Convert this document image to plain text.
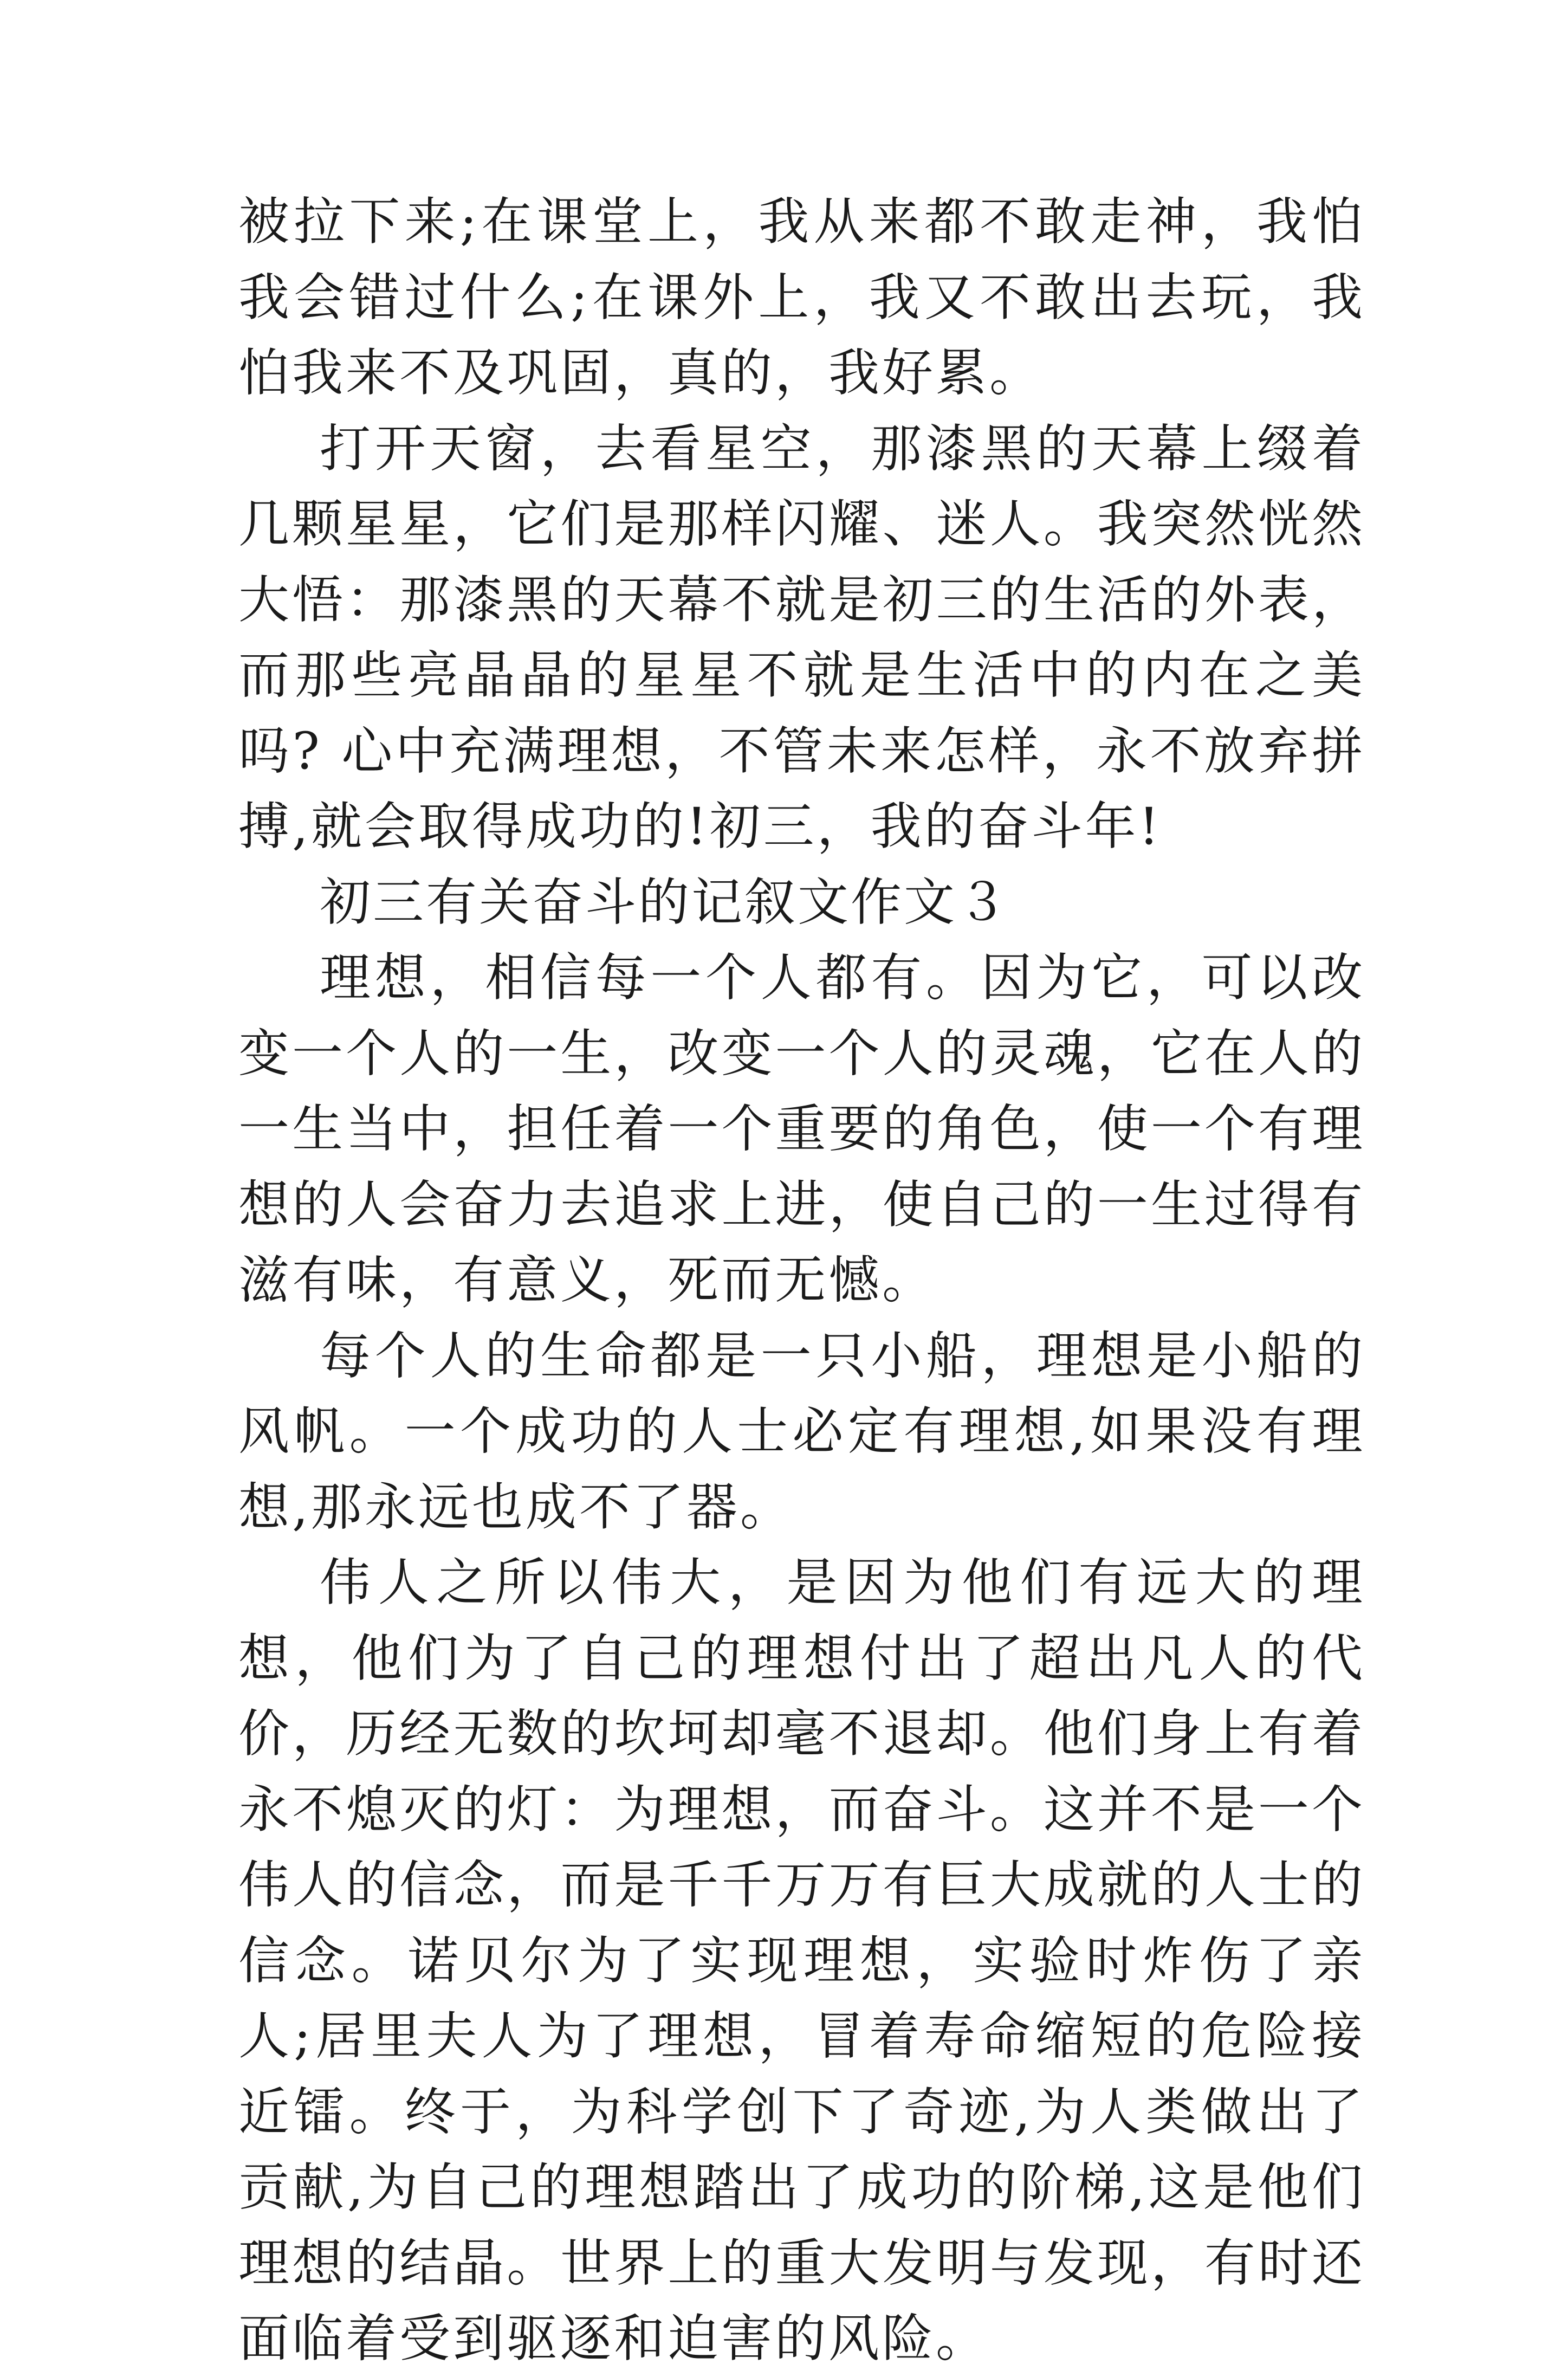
被拉下来;在课堂上，我从来都不敢走神，我怕我会错过什么;在课外上，我又不敢出去玩，我怕我来不及巩固，真的，我好累。

打开天窗，去看星空，那漆黑的天幕上缀着几颗星星，它们是那样闪耀、迷人。我突然恍然大悟：那漆黑的天幕不就是初三的生活的外表，而那些亮晶晶的星星不就是生活中的内在之美吗? 心中充满理想，不管未来怎样，永不放弃拼搏,就会取得成功的!初三，我的奋斗年!

初三有关奋斗的记叙文作文３

理想，相信每一个人都有。因为它，可以改变一个人的一生，改变一个人的灵魂，它在人的一生当中，担任着一个重要的角色，使一个有理想的人会奋力去追求上进，使自己的一生过得有滋有味，有意义，死而无憾。

每个人的生命都是一只小船，理想是小船的风帆。一个成功的人士必定有理想,如果没有理想,那永远也成不了器。

伟人之所以伟大，是因为他们有远大的理想，他们为了自己的理想付出了超出凡人的代价，历经无数的坎坷却毫不退却。他们身上有着永不熄灭的灯：为理想，而奋斗。这并不是一个伟人的信念，而是千千万万有巨大成就的人士的信念。诺贝尔为了实现理想，实验时炸伤了亲人;居里夫人为了理想，冒着寿命缩短的危险接近镭。终于，为科学创下了奇迹,为人类做出了贡献,为自己的理想踏出了成功的阶梯,这是他们理想的结晶。世界上的重大发明与发现，有时还面临着受到驱逐和迫害的风险。
